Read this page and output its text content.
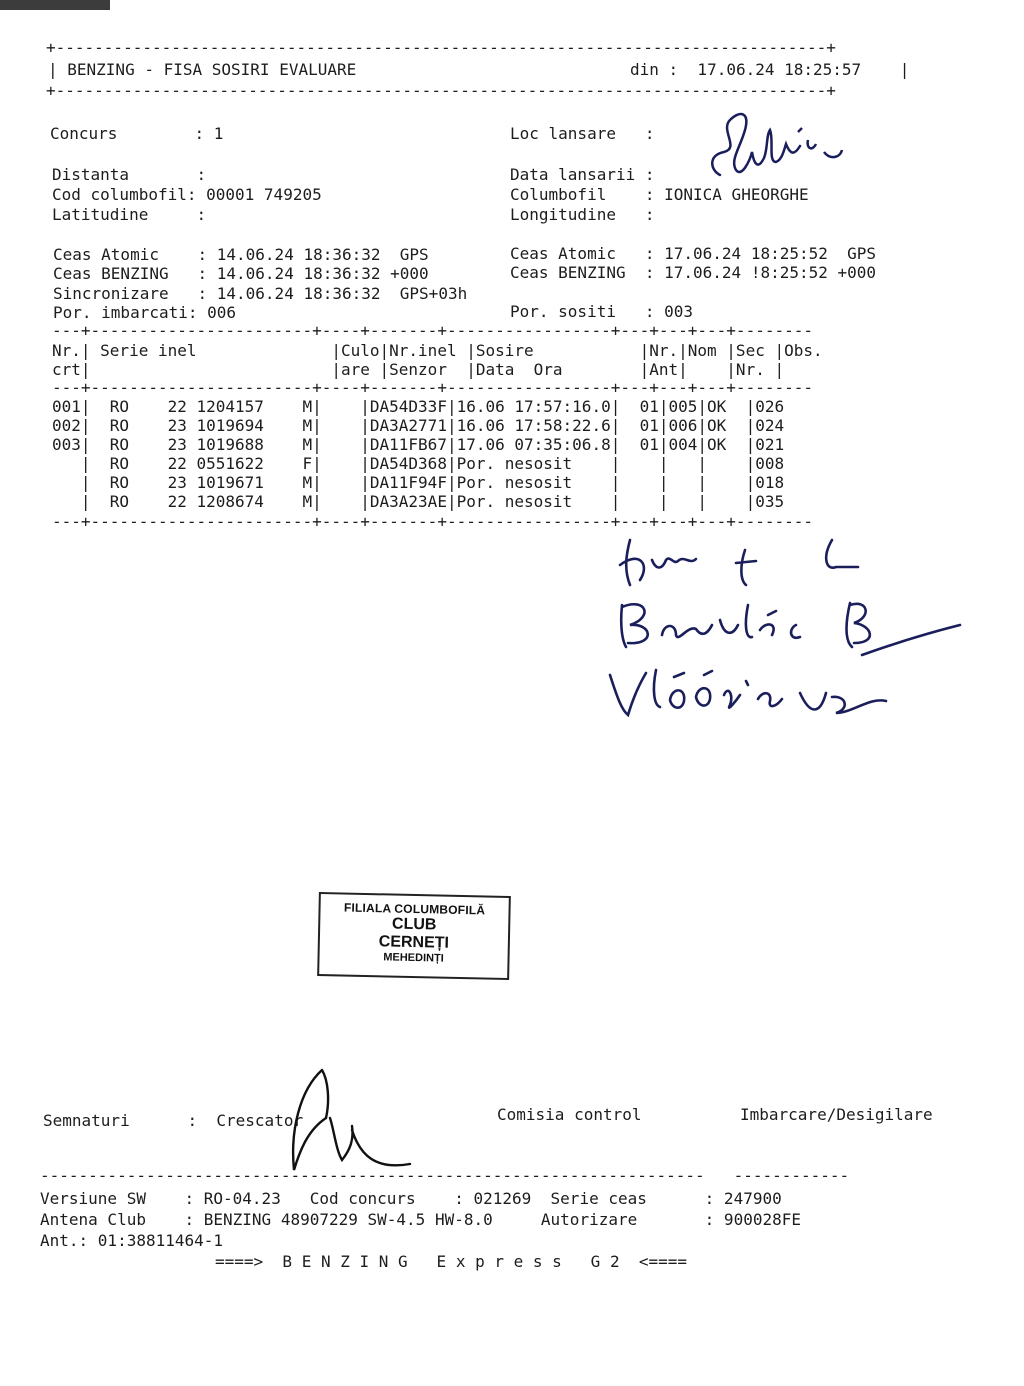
+--------------------------------------------------------------------------------+
| BENZING - FISA SOSIRI EVALUARE	din :  17.06.24 18:25:57    |
+--------------------------------------------------------------------------------+
Concurs        : 1	Loc lansare   :
Distanta       :	Data lansarii :
Cod columbofil: 00001 749205	Columbofil    : IONICA GHEORGHE
Latitudine     :	Longitudine   :
Ceas Atomic    : 14.06.24 18:36:32  GPS	Ceas Atomic   : 17.06.24 18:25:52  GPS
Ceas BENZING   : 14.06.24 18:36:32 +000	Ceas BENZING  : 17.06.24 !8:25:52 +000
Sincronizare   : 14.06.24 18:36:32  GPS+03h
Por. imbarcati: 006	Por. sositi   : 003
---+-----------------------+----+-------+-----------------+---+---+---+--------
Nr.| Serie inel              |Culo|Nr.inel |Sosire           |Nr.|Nom |Sec |Obs.
crt|                         |are |Senzor  |Data  Ora        |Ant|    |Nr. |
---+-----------------------+----+-------+-----------------+---+---+---+--------
001|  RO    22 1204157    M|    |DA54D33F|16.06 17:57:16.0|  01|005|OK  |026
002|  RO    23 1019694    M|    |DA3A2771|16.06 17:58:22.6|  01|006|OK  |024
003|  RO    23 1019688    M|    |DA11FB67|17.06 07:35:06.8|  01|004|OK  |021
|  RO    22 0551622    F|    |DA54D368|Por. nesosit    |    |   |    |008
|  RO    23 1019671    M|    |DA11F94F|Por. nesosit    |    |   |    |018
|  RO    22 1208674    M|    |DA3A23AE|Por. nesosit    |    |   |    |035
---+-----------------------+----+-------+-----------------+---+---+---+--------
FILIALA COLUMBOFILĂ
CLUB
CERNEȚI
MEHEDINȚI
Semnaturi      :  Crescator	Comisia control	Imbarcare/Desigilare
---------------------------------------------------------------------   ------------
Versiune SW    : RO-04.23   Cod concurs    : 021269  Serie ceas      : 247900
Antena Club    : BENZING 48907229 SW-4.5 HW-8.0     Autorizare       : 900028FE
Ant.: 01:38811464-1
====>  B E N Z I N G   E x p r e s s   G 2  <====
